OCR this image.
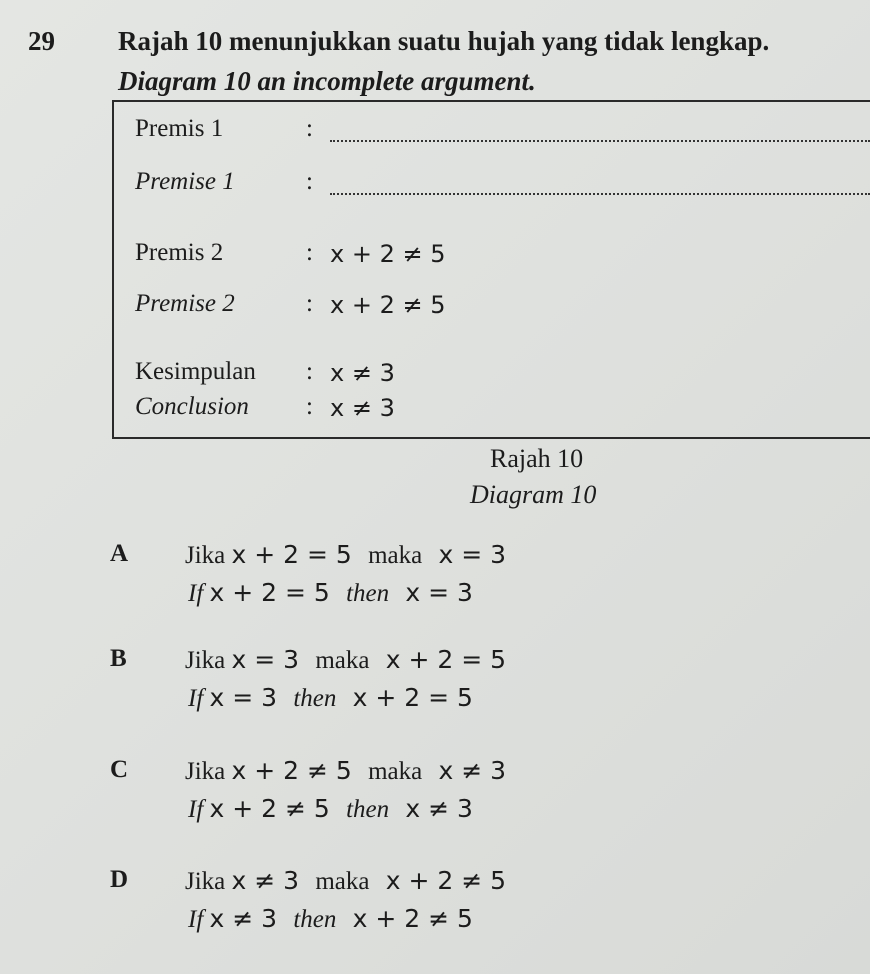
29 Rajah 10 menunjukkan suatu hujah yang tidak lengkap.
Diagram 10 an incomplete argument.
Premis 1	:
Premise 1	:
Premis 2	: x + 2 ≠ 5
Premise 2	: x + 2 ≠ 5
Kesimpulan : x ≠ 3
Conclusion : x ≠ 3
Rajah 10
Diagram 10
A Jika x + 2 = 5 maka x = 3
If x + 2 = 5 then x = 3
B Jika x = 3 maka x + 2 = 5
If x = 3 then x + 2 = 5
C Jika x + 2 ≠ 5 maka x ≠ 3
If x + 2 ≠ 5 then x ≠ 3
D Jika x ≠ 3 maka x + 2 ≠ 5
If x ≠ 3 then x + 2 ≠ 5
